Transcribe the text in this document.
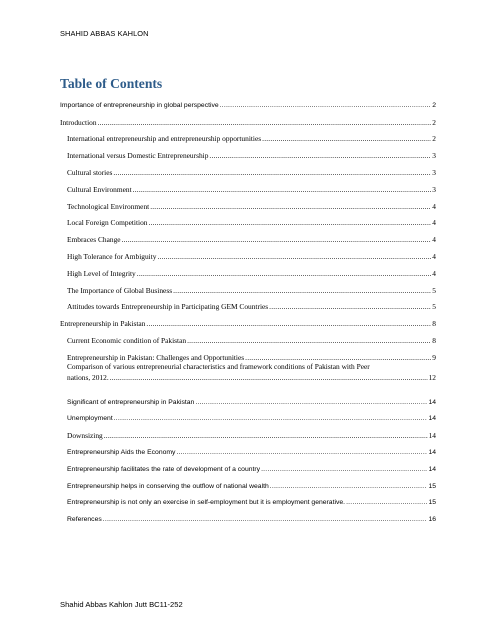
SHAHID ABBAS KAHLON
Table of Contents
Importance of entrepreneurship in global perspective .....	2
Introduction .....	2
International entrepreneurship and entrepreneurship opportunities .....	2
International versus Domestic Entrepreneurship .....	3
Cultural stories .....	3
Cultural Environment .....	3
Technological Environment .....	4
Local Foreign Competition .....	4
Embraces Change .....	4
High Tolerance for Ambiguity .....	4
High Level of Integrity .....	4
The Importance of Global Business .....	5
Attitudes towards Entrepreneurship in Participating GEM Countries .....	5
Entrepreneurship in Pakistan .....	8
Current Economic condition of Pakistan .....	8
Entrepreneurship in Pakistan: Challenges and Opportunities .....	9
Comparison of various entrepreneurial characteristics and framework conditions of Pakistan with Peer
nations, 2012. .....	12
Significant of entrepreneurship in Pakistan .....	14
Unemployment .....	14
Downsizing .....	14
Entrepreneurship Aids the Economy .....	14
Entrepreneurship facilitates the rate of development of a country .....	14
Entrepreneurship helps in conserving the outflow of national wealth .....	15
Entrepreneurship is not only an exercise in self-employment but it is employment generative. .....	15
References .....	16
Shahid Abbas Kahlon Jutt BC11-252
